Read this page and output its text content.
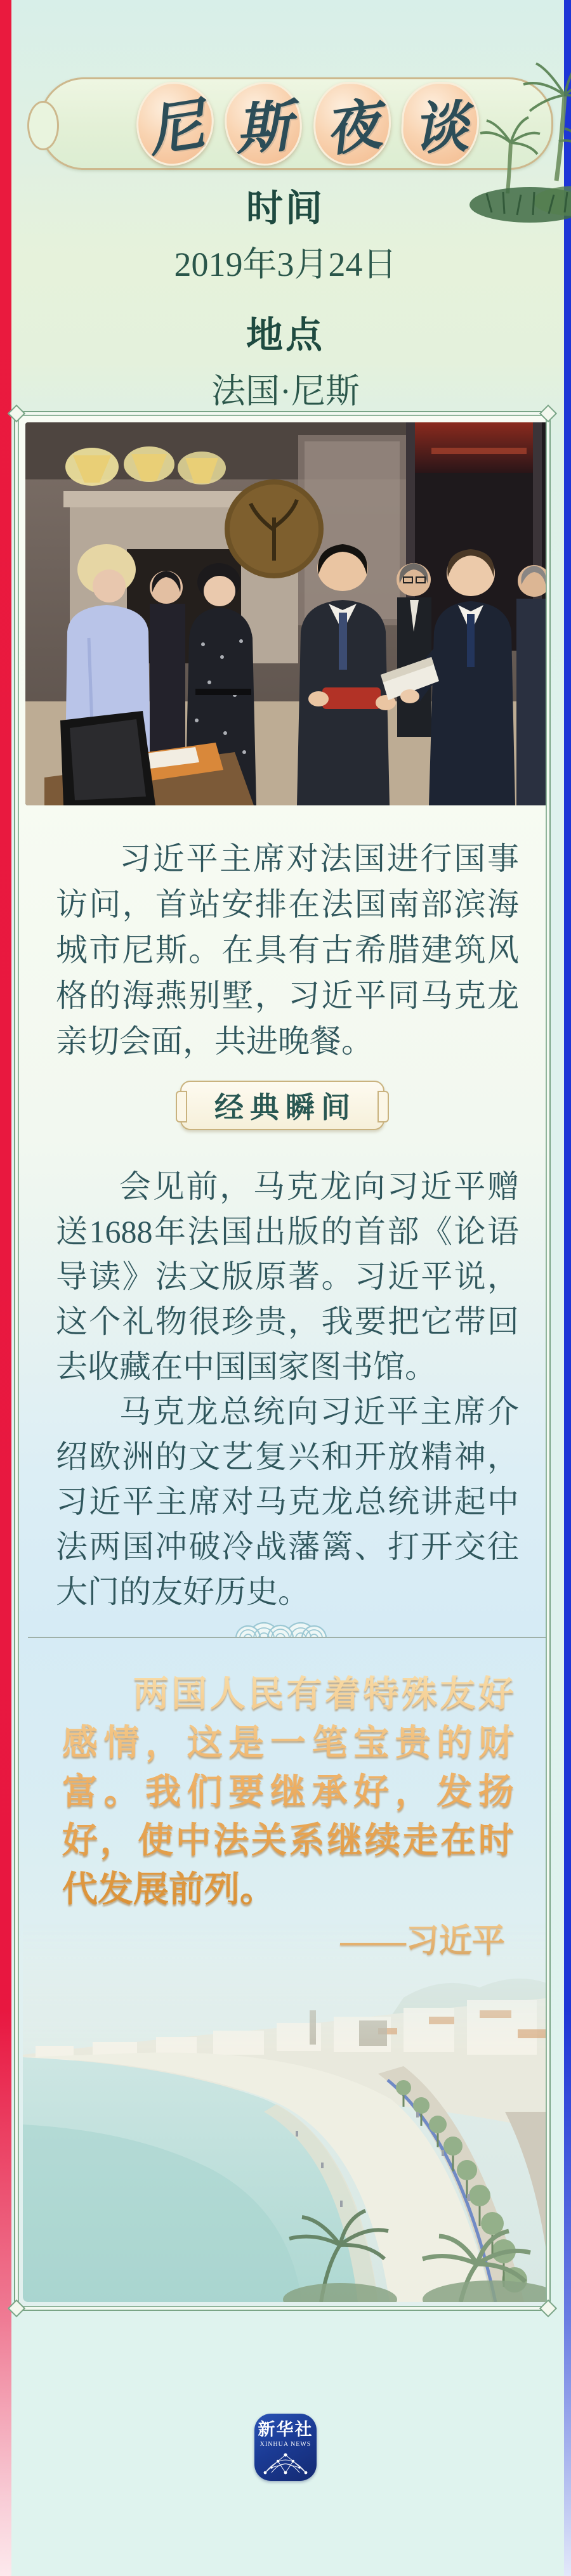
尼 斯 夜 谈
时间
2019年3月24日
地点
法国·尼斯

习近平主席对法国进行国事访问，首站安排在法国南部滨海城市尼斯。在具有古希腊建筑风格的海燕别墅，习近平同马克龙亲切会面，共进晚餐。

经典瞬间

会见前，马克龙向习近平赠送1688年法国出版的首部《论语导读》法文版原著。习近平说，这个礼物很珍贵，我要把它带回去收藏在中国国家图书馆。

马克龙总统向习近平主席介绍欧洲的文艺复兴和开放精神，习近平主席对马克龙总统讲起中法两国冲破冷战藩篱、打开交往大门的友好历史。

两国人民有着特殊友好感情，这是一笔宝贵的财富。我们要继承好，发扬好，使中法关系继续走在时代发展前列。

新华社
XINHUA NEWS
